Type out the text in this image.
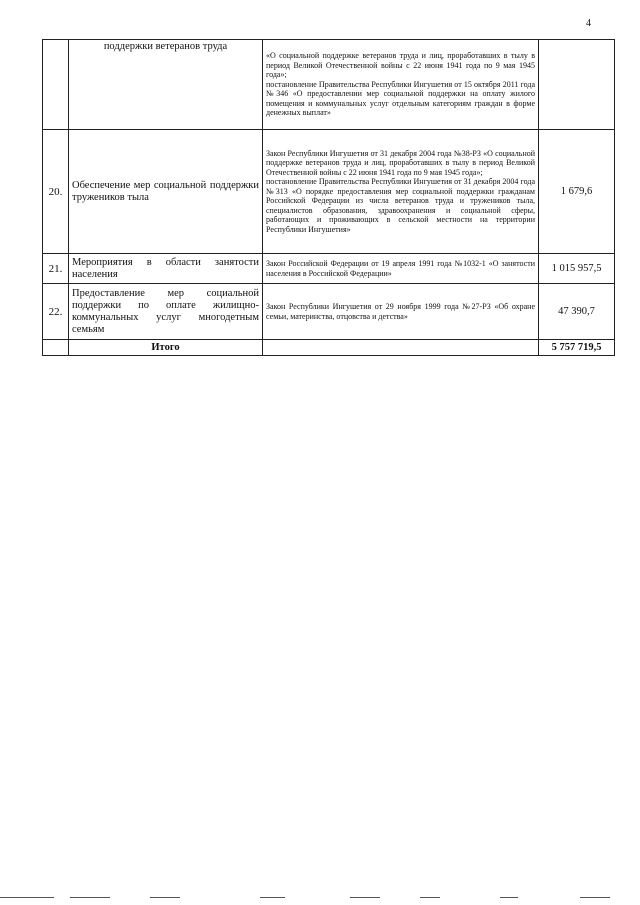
4
	поддержки ветеранов труда	«О социальной поддержке ветеранов труда и лиц, проработавших в тылу в период Великой Отечественной войны с 22 июня 1941 года по 9 мая 1945 года»;
постановление Правительства Республики Ингушетия от 15 октября 2011 года №346 «О предоставлении мер социальной поддержки на оплату жилого помещения и коммунальных услуг отдельным категориям граждан в форме денежных выплат»	

20.	Обеспечение мер социальной поддержки тружеников тыла	Закон Республики Ингушетия от 31 декабря 2004 года №38-РЗ «О социальной поддержке ветеранов труда и лиц, проработавших в тылу в период Великой Отечественной войны с 22 июня 1941 года по 9 мая 1945 года»;
постановление Правительства Республики Ингушетия от 31 декабря 2004 года №313 «О порядке предоставления мер социальной поддержки гражданам Российской Федерации из числа ветеранов труда и тружеников тыла, специалистов образования, здравоохранения и социальной сферы, работающих и проживающих в сельской местности на территории Республики Ингушетия»	1 679,6
21.	Мероприятия в области занятости населения	Закон Российской Федерации от 19 апреля 1991 года №1032-1 «О занятости населения в Российской Федерации»	1 015 957,5
22.	Предоставление мер социальной поддержки по оплате жилищно-коммунальных услуг многодетным семьям	Закон Республики Ингушетия от 29 ноября 1999 года №27-РЗ «Об охране семьи, материнства, отцовства и детства»	47 390,7
	Итого		5 757 719,5
